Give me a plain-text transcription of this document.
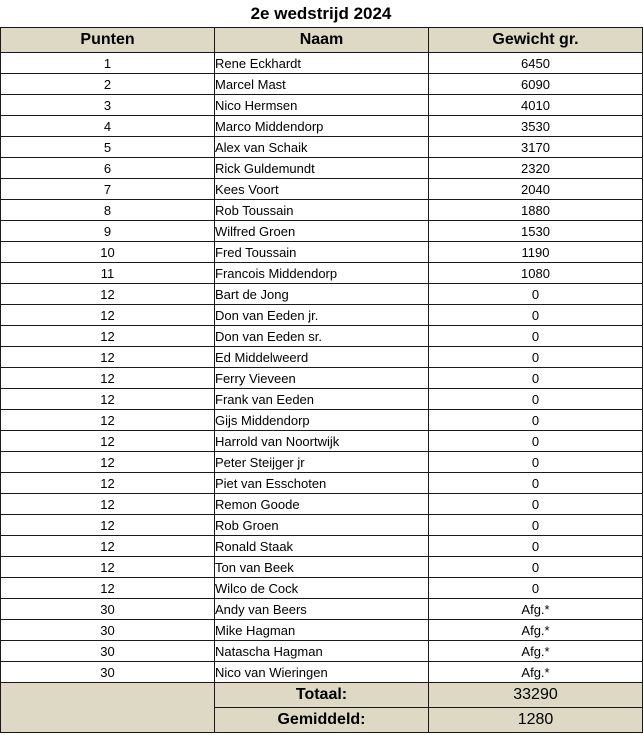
2e wedstrijd 2024
Punten	Naam	Gewicht gr.
1	Rene Eckhardt	6450
2	Marcel Mast	6090
3	Nico Hermsen	4010
4	Marco Middendorp	3530
5	Alex van Schaik	3170
6	Rick Guldemundt	2320
7	Kees Voort	2040
8	Rob Toussain	1880
9	Wilfred Groen	1530
10	Fred Toussain	1190
11	Francois Middendorp	1080
12	Bart de Jong	0
12	Don van Eeden jr.	0
12	Don van Eeden sr.	0
12	Ed Middelweerd	0
12	Ferry Vieveen	0
12	Frank van Eeden	0
12	Gijs Middendorp	0
12	Harrold van Noortwijk	0
12	Peter Steijger jr	0
12	Piet van Esschoten	0
12	Remon Goode	0
12	Rob Groen	0
12	Ronald Staak	0
12	Ton van Beek	0
12	Wilco de Cock	0
30	Andy van Beers	Afg.*
30	Mike Hagman	Afg.*
30	Natascha Hagman	Afg.*
30	Nico van Wieringen	Afg.*
	Totaal:	33290
	Gemiddeld:	1280
